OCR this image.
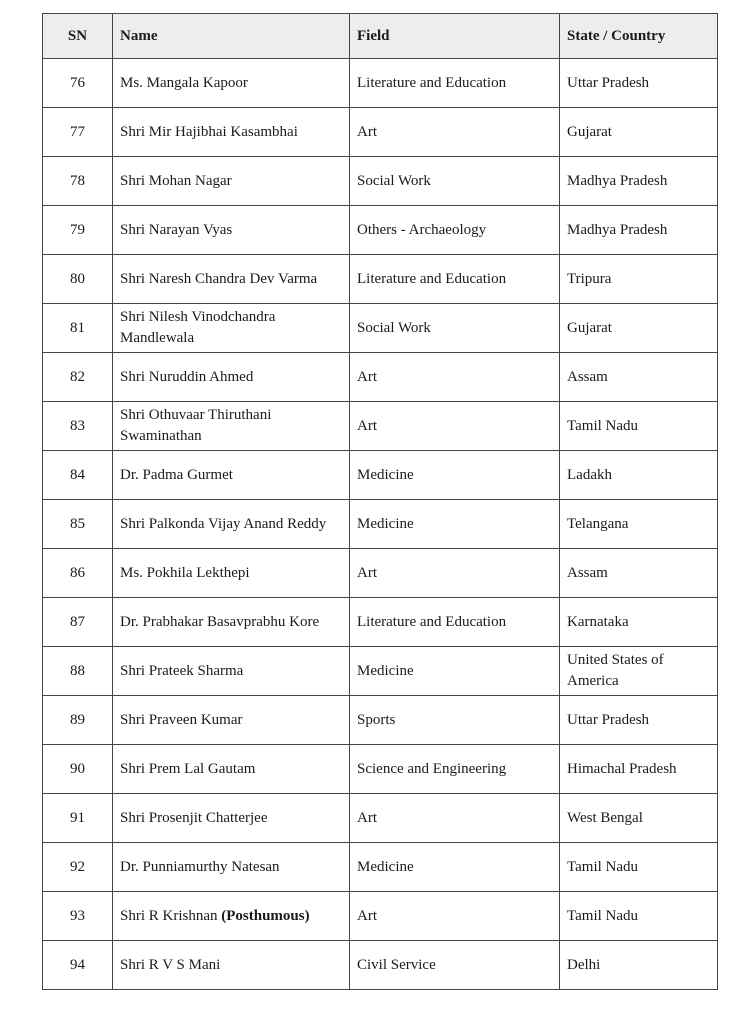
SN	Name	Field	State / Country
76	Ms. Mangala Kapoor	Literature and Education	Uttar Pradesh
77	Shri Mir Hajibhai Kasambhai	Art	Gujarat
78	Shri Mohan Nagar	Social Work	Madhya Pradesh
79	Shri Narayan Vyas	Others - Archaeology	Madhya Pradesh
80	Shri Naresh Chandra Dev Varma	Literature and Education	Tripura
81	Shri Nilesh Vinodchandra Mandlewala	Social Work	Gujarat
82	Shri Nuruddin Ahmed	Art	Assam
83	Shri Othuvaar Thiruthani Swaminathan	Art	Tamil Nadu
84	Dr. Padma Gurmet	Medicine	Ladakh
85	Shri Palkonda Vijay Anand Reddy	Medicine	Telangana
86	Ms. Pokhila Lekthepi	Art	Assam
87	Dr. Prabhakar Basavprabhu Kore	Literature and Education	Karnataka
88	Shri Prateek Sharma	Medicine	United States of America
89	Shri Praveen Kumar	Sports	Uttar Pradesh
90	Shri Prem Lal Gautam	Science and Engineering	Himachal Pradesh
91	Shri Prosenjit Chatterjee	Art	West Bengal
92	Dr. Punniamurthy Natesan	Medicine	Tamil Nadu
93	Shri R Krishnan (Posthumous)	Art	Tamil Nadu
94	Shri R V S Mani	Civil Service	Delhi
